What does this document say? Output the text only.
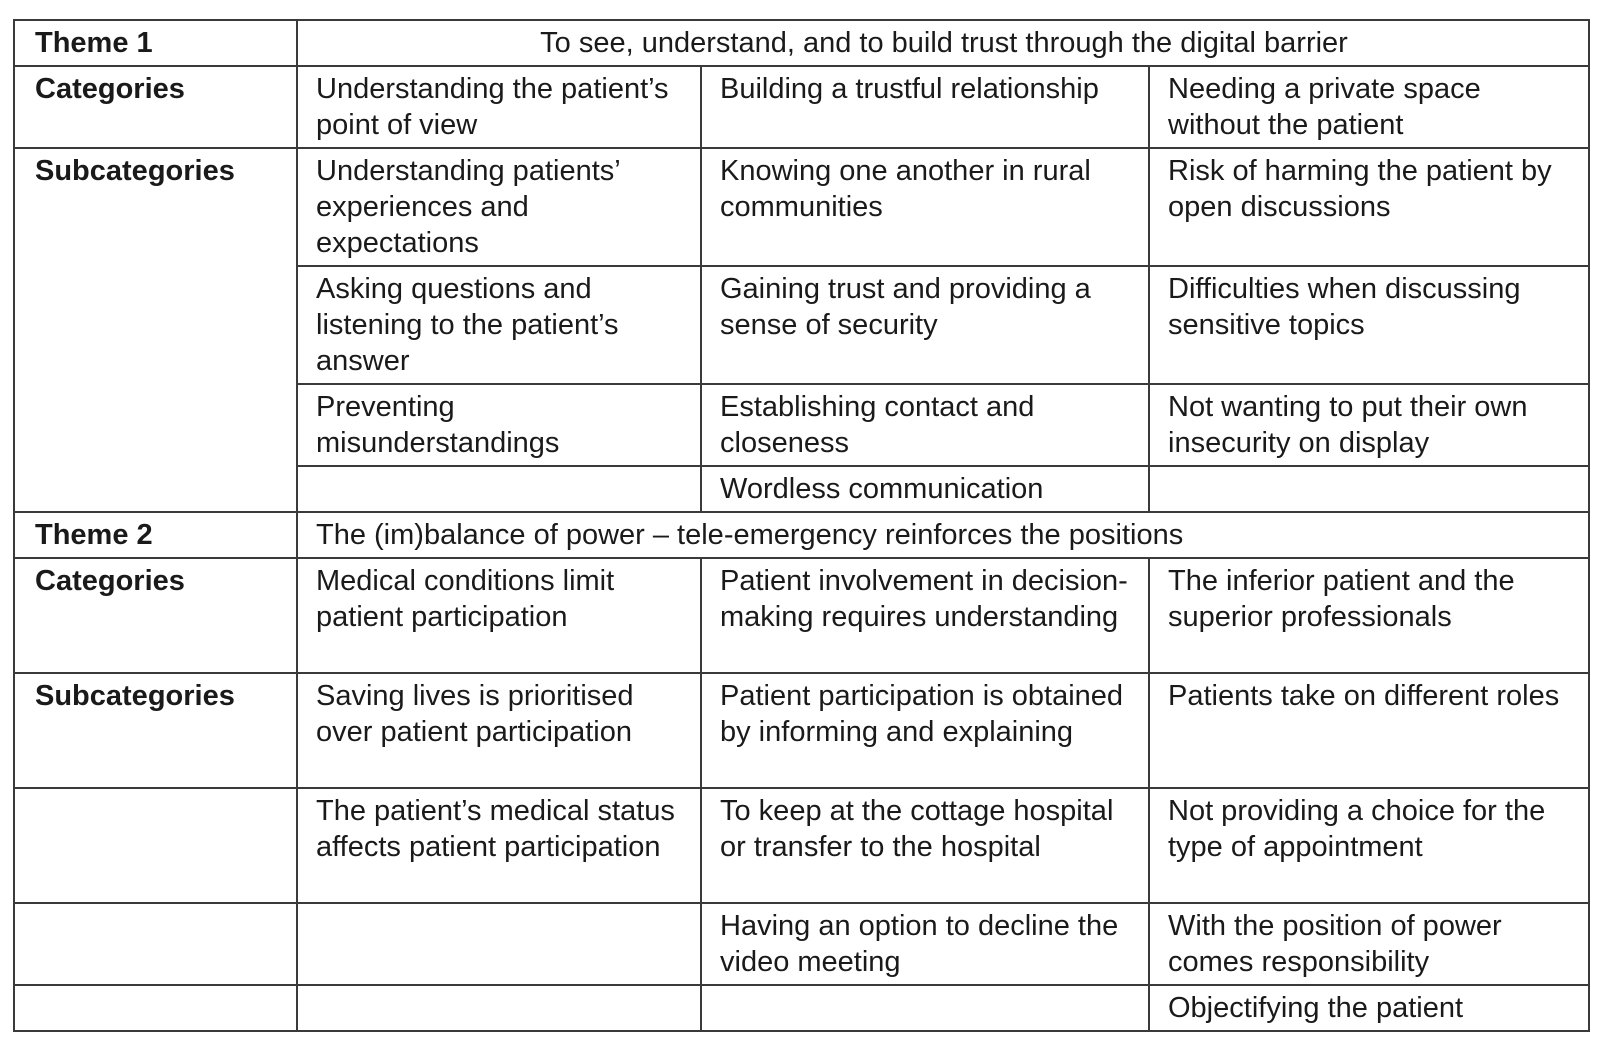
Theme 1	To see, understand, and to build trust through the digital barrier		
Categories	Understanding the patient’s point of view	Building a trustful relationship	Needing a private space without the patient
Subcategories	Understanding patients’ experiences and expectations	Knowing one another in rural communities	Risk of harming the patient by open discussions
	Asking questions and listening to the patient’s answer	Gaining trust and providing a sense of security	Difficulties when discussing sensitive topics
	Preventing misunderstandings	Establishing contact and closeness	Not wanting to put their own insecurity on display
		Wordless communication	
Theme 2	The (im)balance of power – tele-emergency reinforces the positions		
Categories	Medical conditions limit patient participation	Patient involvement in decision-making requires understanding	The inferior patient and the superior professionals
Subcategories	Saving lives is prioritised over patient participation	Patient participation is obtained by informing and explaining	Patients take on different roles
	The patient’s medical status affects patient participation	To keep at the cottage hospital or transfer to the hospital	Not providing a choice for the type of appointment
		Having an option to decline the video meeting	With the position of power comes responsibility
			Objectifying the patient
